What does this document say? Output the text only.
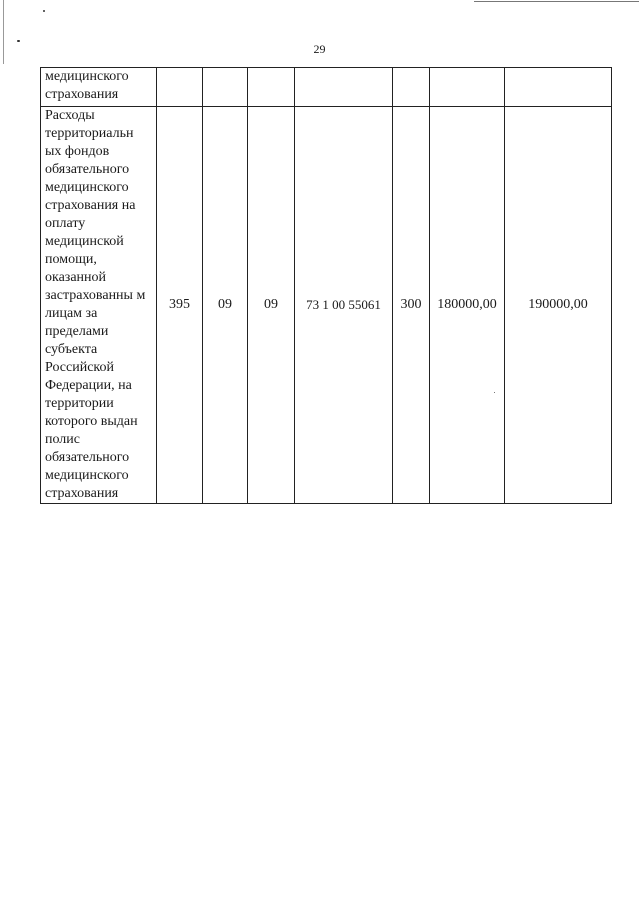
29
медицинского страхования							
Расходы территориальн ых фондов обязательного медицинского страхования на оплату медицинской помощи, оказанной застрахованны м лицам за пределами субъекта Российской Федерации, на территории которого выдан полис обязательного медицинского страхования	395	09	09	73 1 00 55061	300	180000,00	190000,00
